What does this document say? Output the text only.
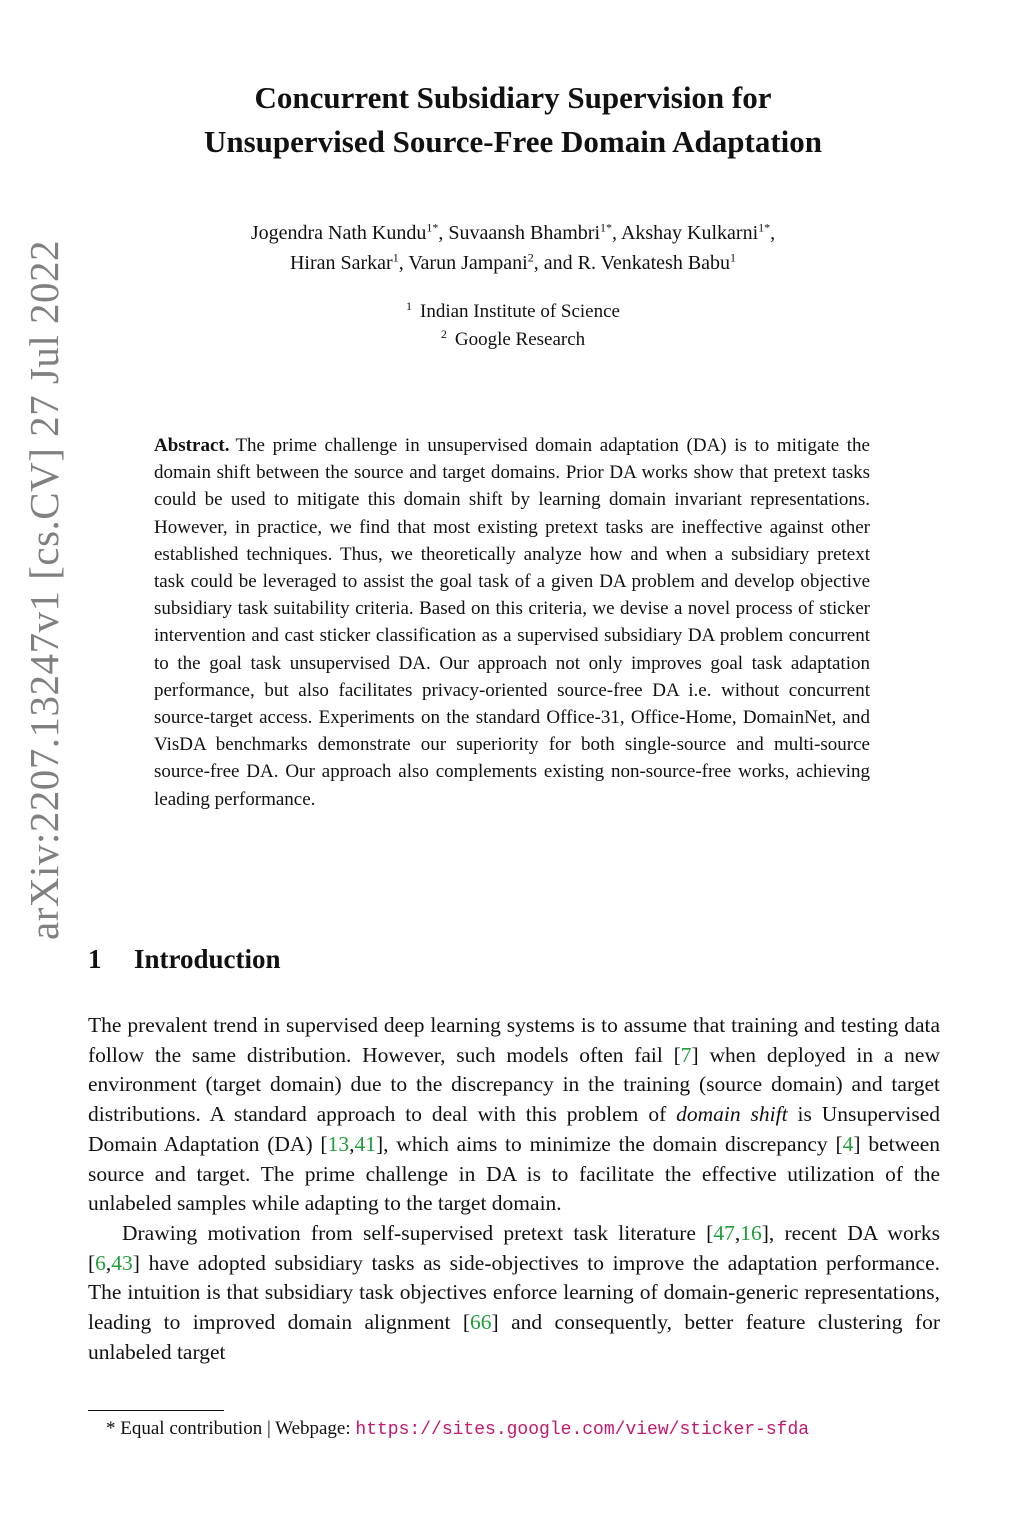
arXiv:2207.13247v1 [cs.CV] 27 Jul 2022
Concurrent Subsidiary Supervision for
Unsupervised Source-Free Domain Adaptation
Jogendra Nath Kundu$^{1*}$, Suvaansh Bhambri$^{1*}$, Akshay Kulkarni$^{1*}$,
Hiran Sarkar$^1$, Varun Jampani$^2$, and R. Venkatesh Babu$^1$
$^1$ Indian Institute of Science
$^2$ Google Research

Abstract. The prime challenge in unsupervised domain adaptation (DA) is to mitigate the domain shift between the source and target domains. Prior DA works show that pretext tasks could be used to mitigate this domain shift by learning domain invariant representations. However, in practice, we find that most existing pretext tasks are ineffective against other established techniques. Thus, we theoretically analyze how and when a subsidiary pretext task could be leveraged to assist the goal task of a given DA problem and develop objective subsidiary task suitability criteria. Based on this criteria, we devise a novel process of sticker intervention and cast sticker classification as a supervised subsidiary DA problem concurrent to the goal task unsupervised DA. Our approach not only improves goal task adaptation performance, but also facilitates privacy-oriented source-free DA i.e. without concurrent source-target access. Experiments on the standard Office-31, Office-Home, DomainNet, and VisDA benchmarks demonstrate our superiority for both single-source and multi-source source-free DA. Our approach also complements existing non-source-free works, achieving leading performance.

1 Introduction

The prevalent trend in supervised deep learning systems is to assume that training and testing data follow the same distribution. However, such models often fail [7] when deployed in a new environment (target domain) due to the discrepancy in the training (source domain) and target distributions. A standard approach to deal with this problem of domain shift is Unsupervised Domain Adaptation (DA) [13,41], which aims to minimize the domain discrepancy [4] between source and target. The prime challenge in DA is to facilitate the effective utilization of the unlabeled samples while adapting to the target domain.

Drawing motivation from self-supervised pretext task literature [47,16], recent DA works [6,43] have adopted subsidiary tasks as side-objectives to improve the adaptation performance. The intuition is that subsidiary task objectives enforce learning of domain-generic representations, leading to improved domain alignment [66] and consequently, better feature clustering for unlabeled target

* Equal contribution | Webpage: https://sites.google.com/view/sticker-sfda
